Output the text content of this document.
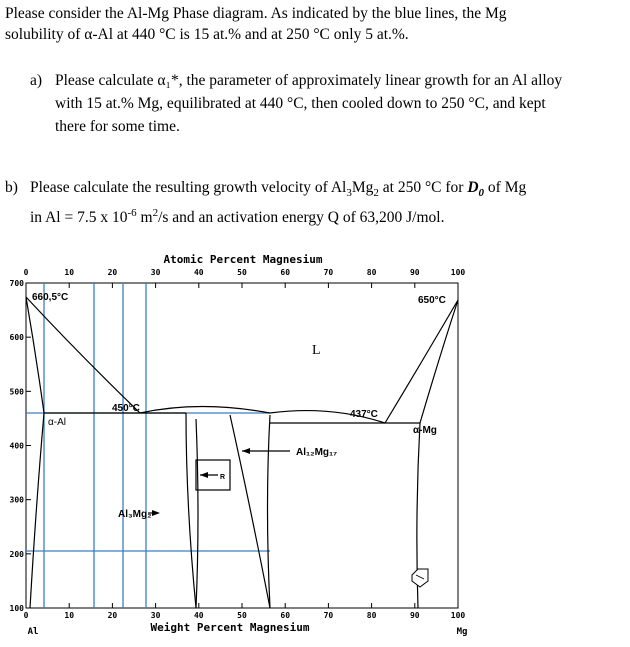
Please consider the Al-Mg Phase diagram. As indicated by the blue lines, the Mg
solubility of α-Al at 440 °C is 15 at.% and at 250 °C only 5 at.%.
a) Please calculate α₁*, the parameter of approximately linear growth for an Al alloy
with 15 at.% Mg, equilibrated at 440 °C, then cooled down to 250 °C, and kept
there for some time.
b) Please calculate the resulting growth velocity of $Al_3Mg_2$ at 250 °C for $D_0$ of Mg
in Al = 7.5 x $10^{-6}$ $m^2/s$ and an activation energy Q of 63,200 J/mol.
Atomic Percent Magnesium
0	10	20	30	40	50	60	70	80	90	100
0	10	20	30	40	50	60	70	80	90	100
700
600
500
400
300
200
100
660,5°C	650°C
L
α-Al
450°C
437°C
α-Mg
Al₁₂Mg₁₇
Al₃Mg₂
R
Weight Percent Magnesium
Al	Mg
